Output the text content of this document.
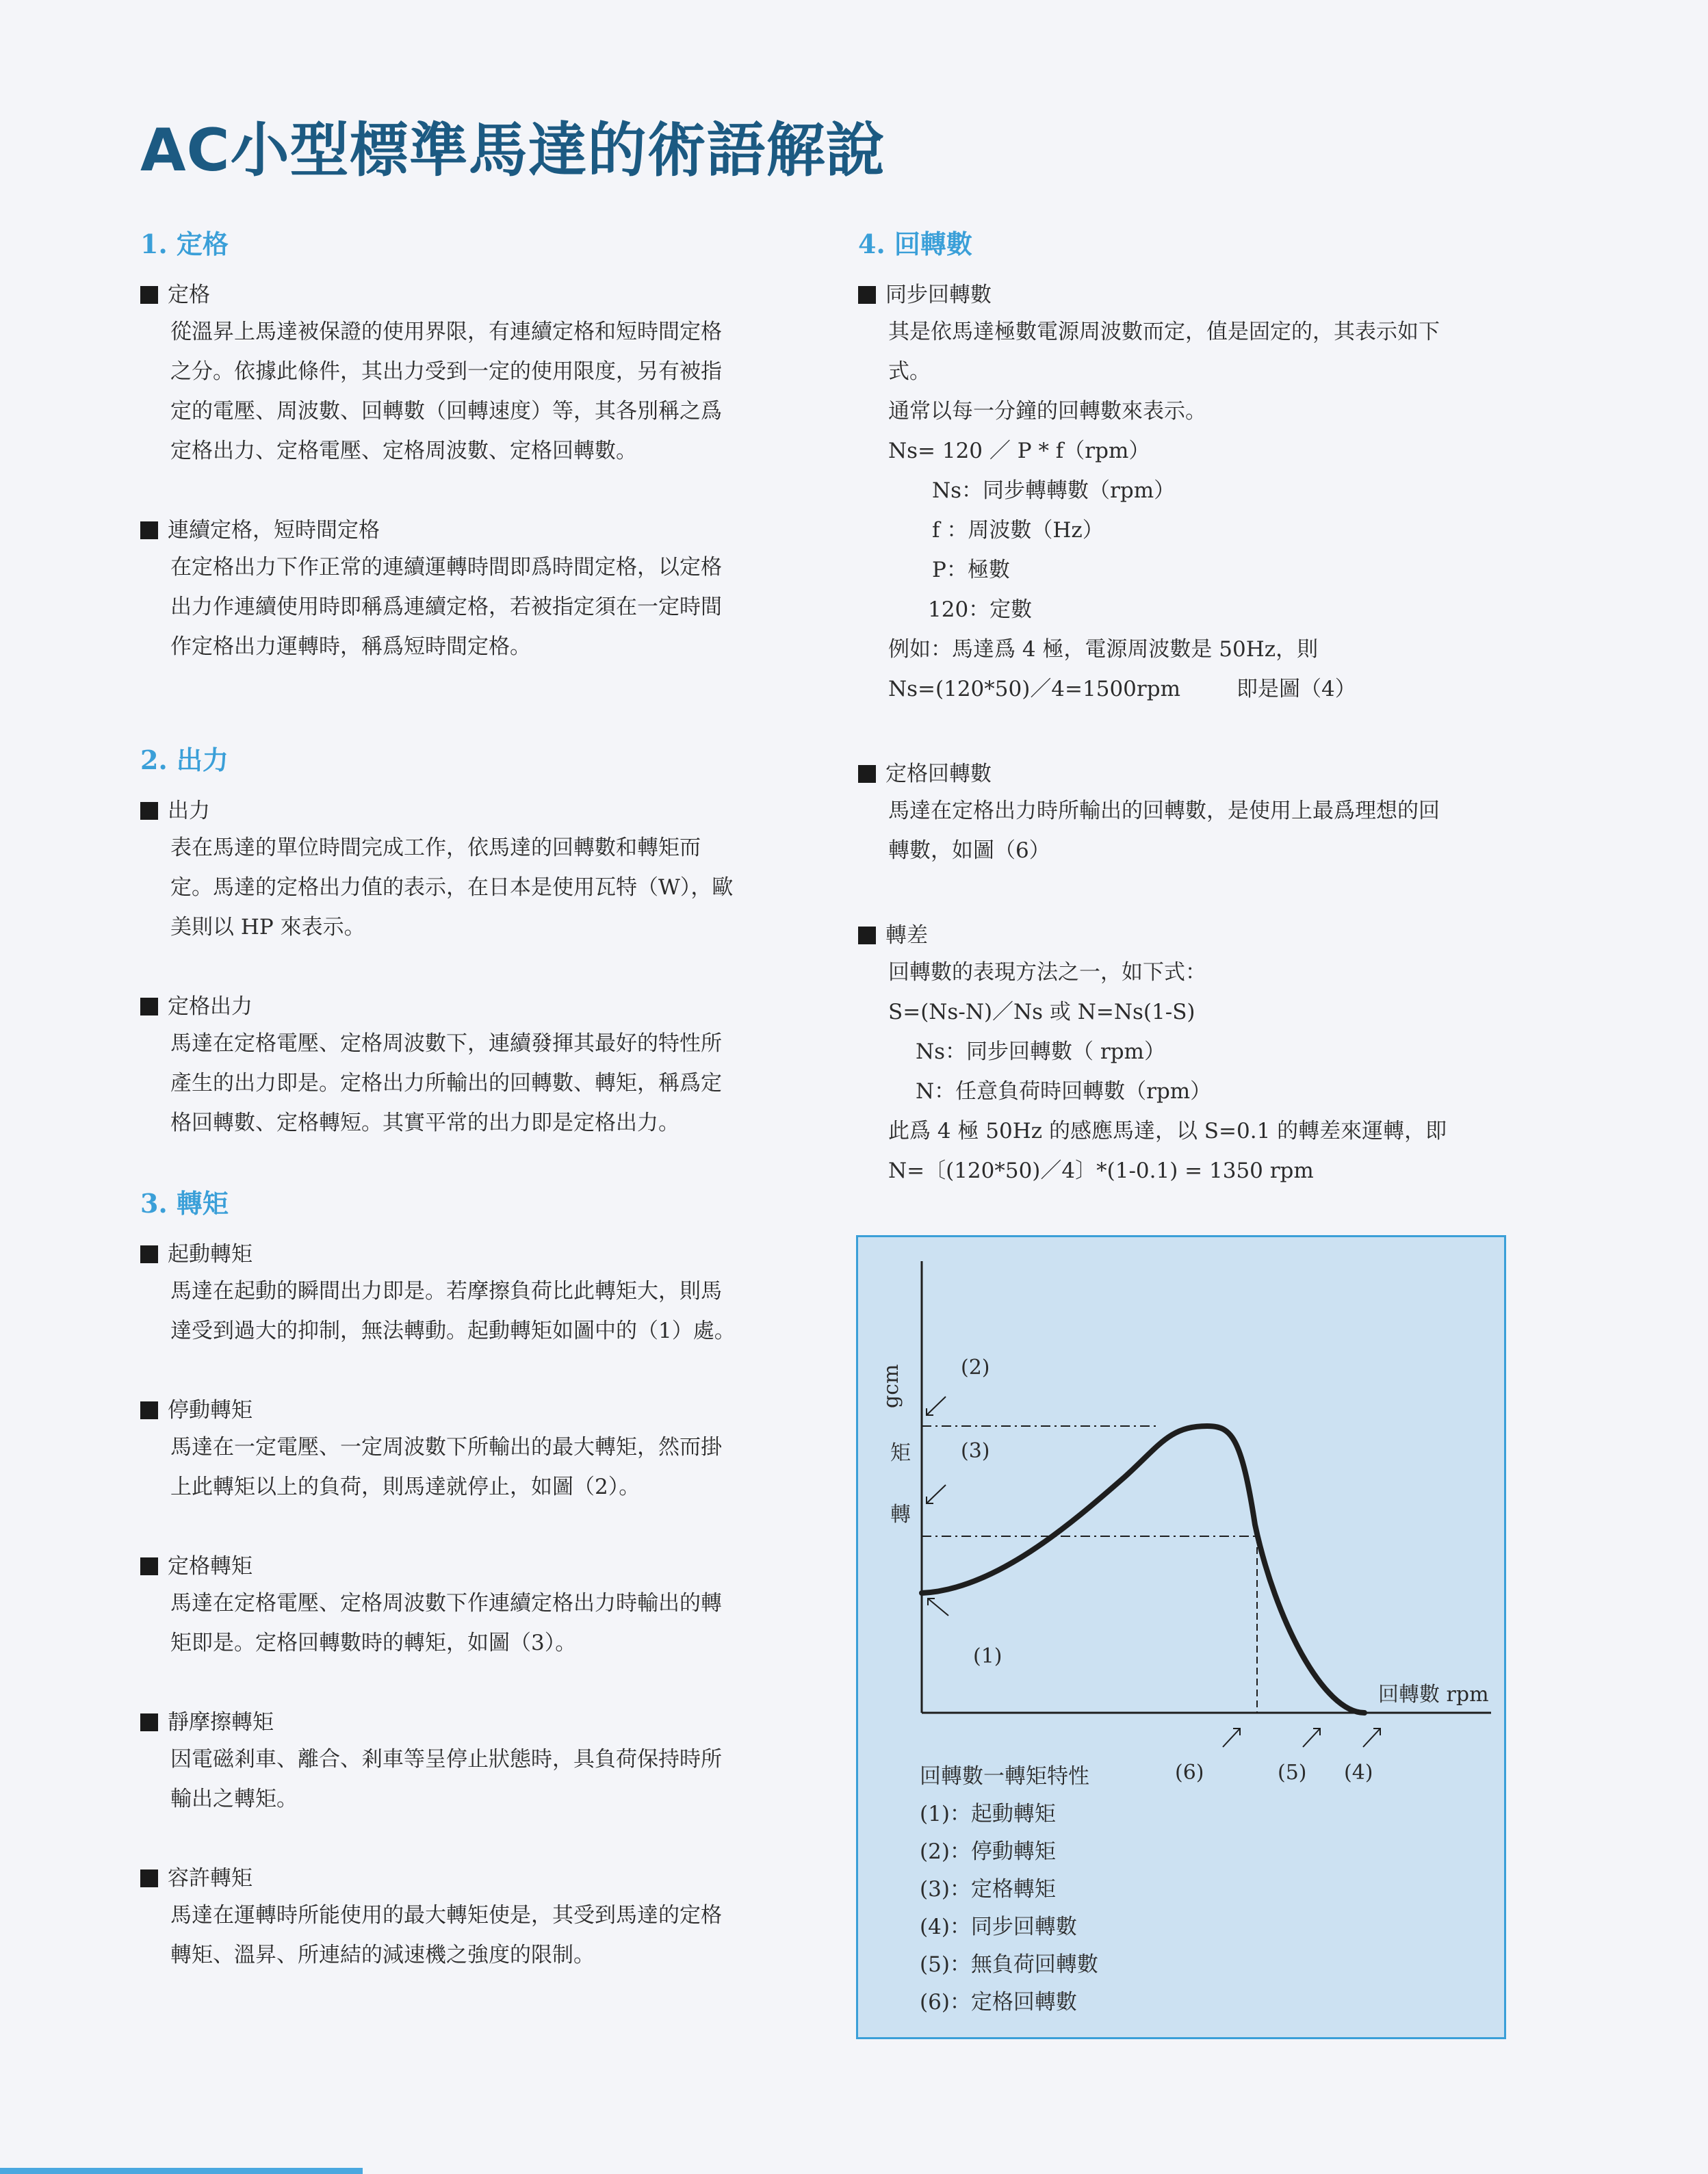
AC小型標準馬達的術語解說
1. 定格
定格
從溫昇上馬達被保證的使用界限，有連續定格和短時間定格
之分。依據此條件，其出力受到一定的使用限度，另有被指
定的電壓、周波數、回轉數（回轉速度）等，其各別稱之爲
定格出力、定格電壓、定格周波數、定格回轉數。
連續定格，短時間定格
在定格出力下作正常的連續運轉時間即爲時間定格，以定格
出力作連續使用時即稱爲連續定格，若被指定須在一定時間
作定格出力運轉時，稱爲短時間定格。
2. 出力
出力
表在馬達的單位時間完成工作，依馬達的回轉數和轉矩而
定。馬達的定格出力值的表示，在日本是使用瓦特（W），歐
美則以 HP 來表示。
定格出力
馬達在定格電壓、定格周波數下，連續發揮其最好的特性所
產生的出力即是。定格出力所輸出的回轉數、轉矩，稱爲定
格回轉數、定格轉短。其實平常的出力即是定格出力。
3. 轉矩
起動轉矩
馬達在起動的瞬間出力即是。若摩擦負荷比此轉矩大，則馬
達受到過大的抑制，無法轉動。起動轉矩如圖中的（1）處。
停動轉矩
馬達在一定電壓、一定周波數下所輸出的最大轉矩，然而掛
上此轉矩以上的負荷，則馬達就停止，如圖（2）。
定格轉矩
馬達在定格電壓、定格周波數下作連續定格出力時輸出的轉
矩即是。定格回轉數時的轉矩，如圖（3）。
靜摩擦轉矩
因電磁剎車、離合、剎車等呈停止狀態時，具負荷保持時所
輸出之轉矩。
容許轉矩
馬達在運轉時所能使用的最大轉矩使是，其受到馬達的定格
轉矩、溫昇、所連結的減速機之強度的限制。
4. 回轉數
同步回轉數
其是依馬達極數電源周波數而定，值是固定的，其表示如下
式。
通常以每一分鐘的回轉數來表示。
Ns= 120 ／ P * f（rpm）
Ns：同步轉轉數（rpm）
f ：周波數（Hz）
P：極數
120：定數
例如：馬達爲 4 極，電源周波數是 50Hz，則
Ns=(120*50)／4=1500rpm	即是圖（4）
定格回轉數
馬達在定格出力時所輸出的回轉數，是使用上最爲理想的回
轉數，如圖（6）
轉差
回轉數的表現方法之一，如下式：
S=(Ns-N)／Ns 或 N=Ns(1-S)
Ns：同步回轉數（ rpm）
N：任意負荷時回轉數（rpm）
此爲 4 極 50Hz 的感應馬達，以 S=0.1 的轉差來運轉，即
N=〔(120*50)／4〕*(1-0.1) = 1350 rpm
轉
矩
gcm
回轉數 rpm
(2)
(3)
(1)
(6)	(5) (4)
回轉數一轉矩特性
(1)：起動轉矩
(2)：停動轉矩
(3)：定格轉矩
(4)：同步回轉數
(5)：無負荷回轉數
(6)：定格回轉數
